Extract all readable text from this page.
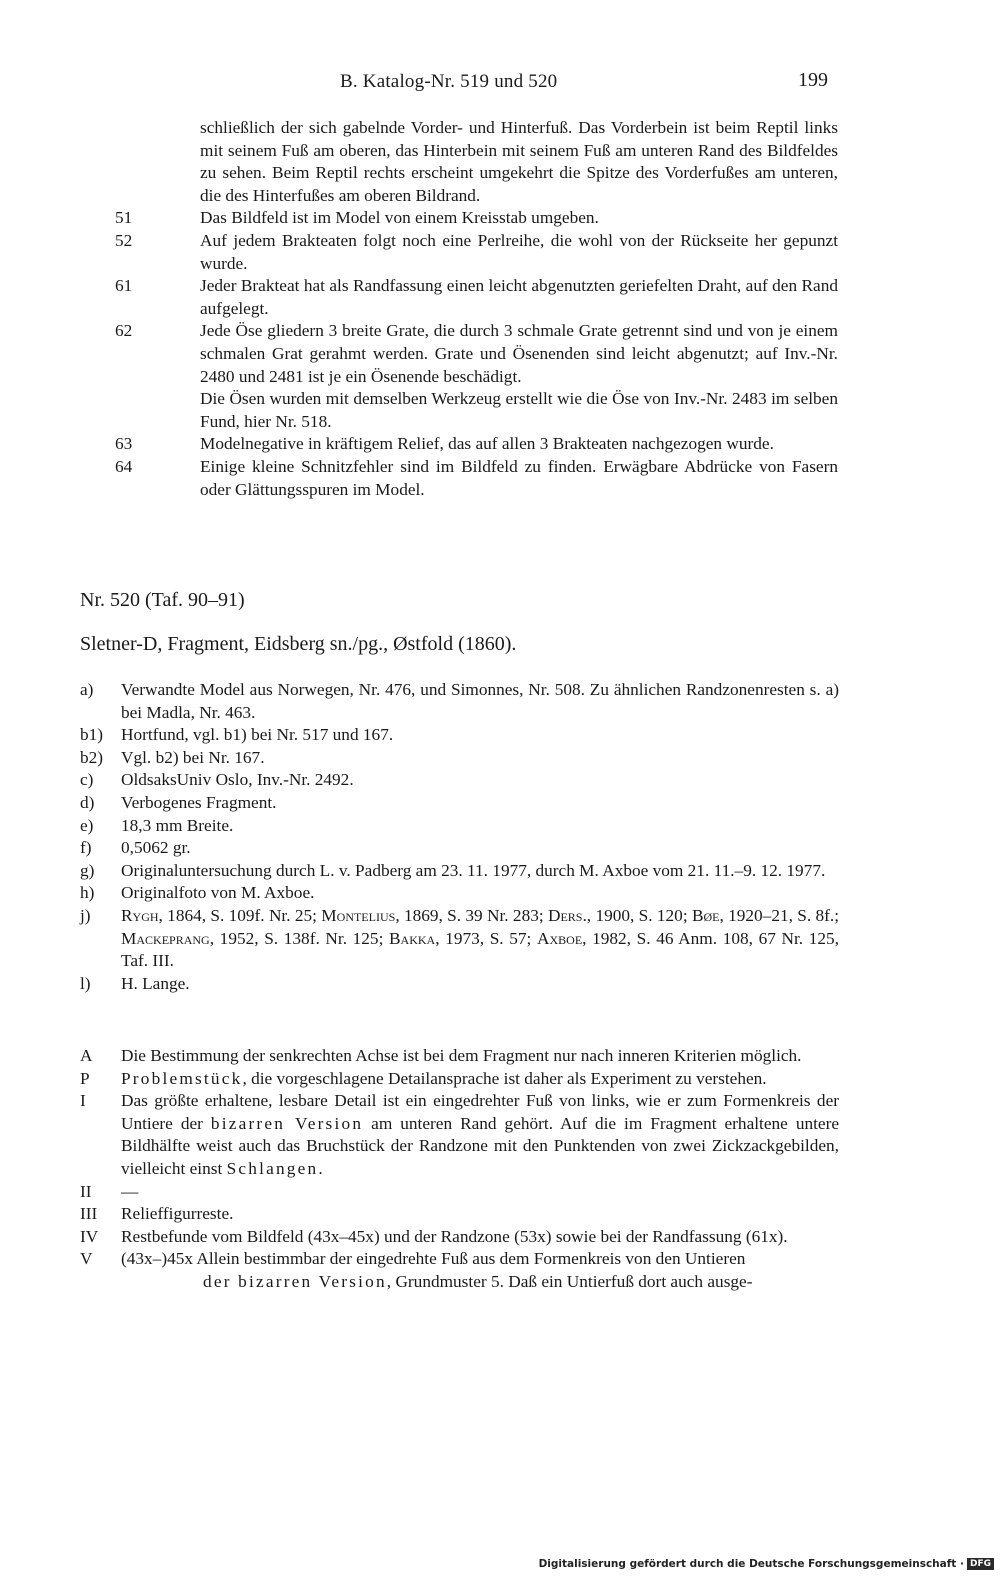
B. Katalog-Nr. 519 und 520	199
schließlich der sich gabelnde Vorder- und Hinterfuß. Das Vorderbein ist beim Reptil links mit seinem Fuß am oberen, das Hinterbein mit seinem Fuß am unteren Rand des Bildfeldes zu sehen. Beim Reptil rechts erscheint umgekehrt die Spitze des Vorderfußes am unteren, die des Hinterfußes am oberen Bildrand.
51	Das Bildfeld ist im Model von einem Kreisstab umgeben.
52	Auf jedem Brakteaten folgt noch eine Perlreihe, die wohl von der Rückseite her gepunzt wurde.
61	Jeder Brakteat hat als Randfassung einen leicht abgenutzten geriefelten Draht, auf den Rand aufgelegt.
62	Jede Öse gliedern 3 breite Grate, die durch 3 schmale Grate getrennt sind und von je einem schmalen Grat gerahmt werden. Grate und Ösenenden sind leicht abgenutzt; auf Inv.-Nr. 2480 und 2481 ist je ein Ösenende beschädigt.

Die Ösen wurden mit demselben Werkzeug erstellt wie die Öse von Inv.-Nr. 2483 im selben Fund, hier Nr. 518.

63	Modelnegative in kräftigem Relief, das auf allen 3 Brakteaten nachgezogen wurde.
64	Einige kleine Schnitzfehler sind im Bildfeld zu finden. Erwägbare Abdrücke von Fasern oder Glättungsspuren im Model.
Nr. 520 (Taf. 90–91)
Sletner-D, Fragment, Eidsberg sn./pg., Østfold (1860).
a)	Verwandte Model aus Norwegen, Nr. 476, und Simonnes, Nr. 508. Zu ähnlichen Randzonenresten s. a) bei Madla, Nr. 463.
b1)	Hortfund, vgl. b1) bei Nr. 517 und 167.
b2)	Vgl. b2) bei Nr. 167.
c)	OldsaksUniv Oslo, Inv.-Nr. 2492.
d)	Verbogenes Fragment.
e)	18,3 mm Breite.
f)	0,5062 gr.
g)	Originaluntersuchung durch L. v. Padberg am 23. 11. 1977, durch M. Axboe vom 21. 11.–9. 12. 1977.
h)	Originalfoto von M. Axboe.
j)	Rygh, 1864, S. 109f. Nr. 25; Montelius, 1869, S. 39 Nr. 283; Ders., 1900, S. 120; Bøe, 1920–21, S. 8f.; Mackeprang, 1952, S. 138f. Nr. 125; Bakka, 1973, S. 57; Axboe, 1982, S. 46 Anm. 108, 67 Nr. 125, Taf. III.
l)	H. Lange.
A	Die Bestimmung der senkrechten Achse ist bei dem Fragment nur nach inneren Kriterien möglich.
P	Problemstück, die vorgeschlagene Detailansprache ist daher als Experiment zu verstehen.
I	Das größte erhaltene, lesbare Detail ist ein eingedrehter Fuß von links, wie er zum Formenkreis der Untiere der bizarren Version am unteren Rand gehört. Auf die im Fragment erhaltene untere Bildhälfte weist auch das Bruchstück der Randzone mit den Punktenden von zwei Zickzackgebilden, vielleicht einst Schlangen.
II	—
III	Relieffigurreste.
IV	Restbefunde vom Bildfeld (43x–45x) und der Randzone (53x) sowie bei der Randfassung (61x).
V	(43x–)45x Allein bestimmbar der eingedrehte Fuß aus dem Formenkreis von den Untieren

der bizarren Version, Grundmuster 5. Daß ein Untierfuß dort auch ausge-

Digitalisierung gefördert durch die Deutsche Forschungsgemeinschaft · DFG
